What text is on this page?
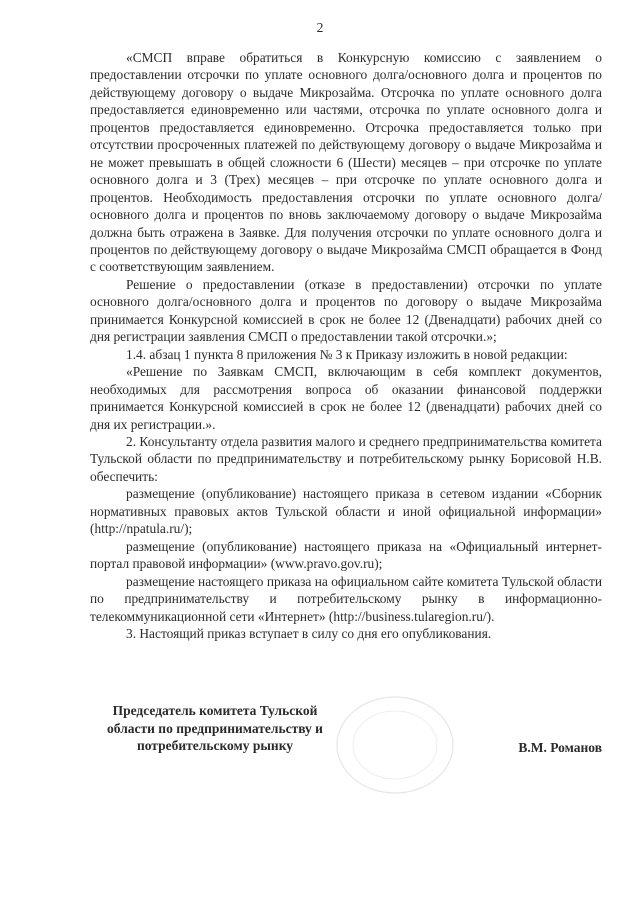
2

«СМСП вправе обратиться в Конкурсную комиссию с заявлением о предоставлении отсрочки по уплате основного долга/основного долга и процентов по действующему договору о выдаче Микрозайма. Отсрочка по уплате основного долга предоставляется единовременно или частями, отсрочка по уплате основного долга и процентов предоставляется единовременно. Отсрочка предоставляется только при отсутствии просроченных платежей по действующему договору о выдаче Микрозайма и не может превышать в общей сложности 6 (Шести) месяцев – при отсрочке по уплате основного долга и 3 (Трех) месяцев – при отсрочке по уплате основного долга и процентов. Необходимость предоставления отсрочки по уплате основного долга/основного долга и процентов по вновь заключаемому договору о выдаче Микрозайма должна быть отражена в Заявке. Для получения отсрочки по уплате основного долга и процентов по действующему договору о выдаче Микрозайма СМСП обращается в Фонд с соответствующим заявлением.

Решение о предоставлении (отказе в предоставлении) отсрочки по уплате основного долга/основного долга и процентов по договору о выдаче Микрозайма принимается Конкурсной комиссией в срок не более 12 (Двенадцати) рабочих дней со дня регистрации заявления СМСП о предоставлении такой отсрочки.»;

1.4. абзац 1 пункта 8 приложения № 3 к Приказу изложить в новой редакции:

«Решение по Заявкам СМСП, включающим в себя комплект документов, необходимых для рассмотрения вопроса об оказании финансовой поддержки принимается Конкурсной комиссией в срок не более 12 (двенадцати) рабочих дней со дня их регистрации.».

2. Консультанту отдела развития малого и среднего предпринимательства комитета Тульской области по предпринимательству и потребительскому рынку Борисовой Н.В. обеспечить:

размещение (опубликование) настоящего приказа в сетевом издании «Сборник нормативных правовых актов Тульской области и иной официальной информации» (http://npatula.ru/);

размещение (опубликование) настоящего приказа на «Официальный интернет-портал правовой информации» (www.pravo.gov.ru);

размещение настоящего приказа на официальном сайте комитета Тульской области по предпринимательству и потребительскому рынку в информационно-телекоммуникационной сети «Интернет» (http://business.tularegion.ru/).

3. Настоящий приказ вступает в силу со дня его опубликования.

Председатель комитета Тульской
области по предпринимательству и
потребительскому рынку	В.М. Романов
